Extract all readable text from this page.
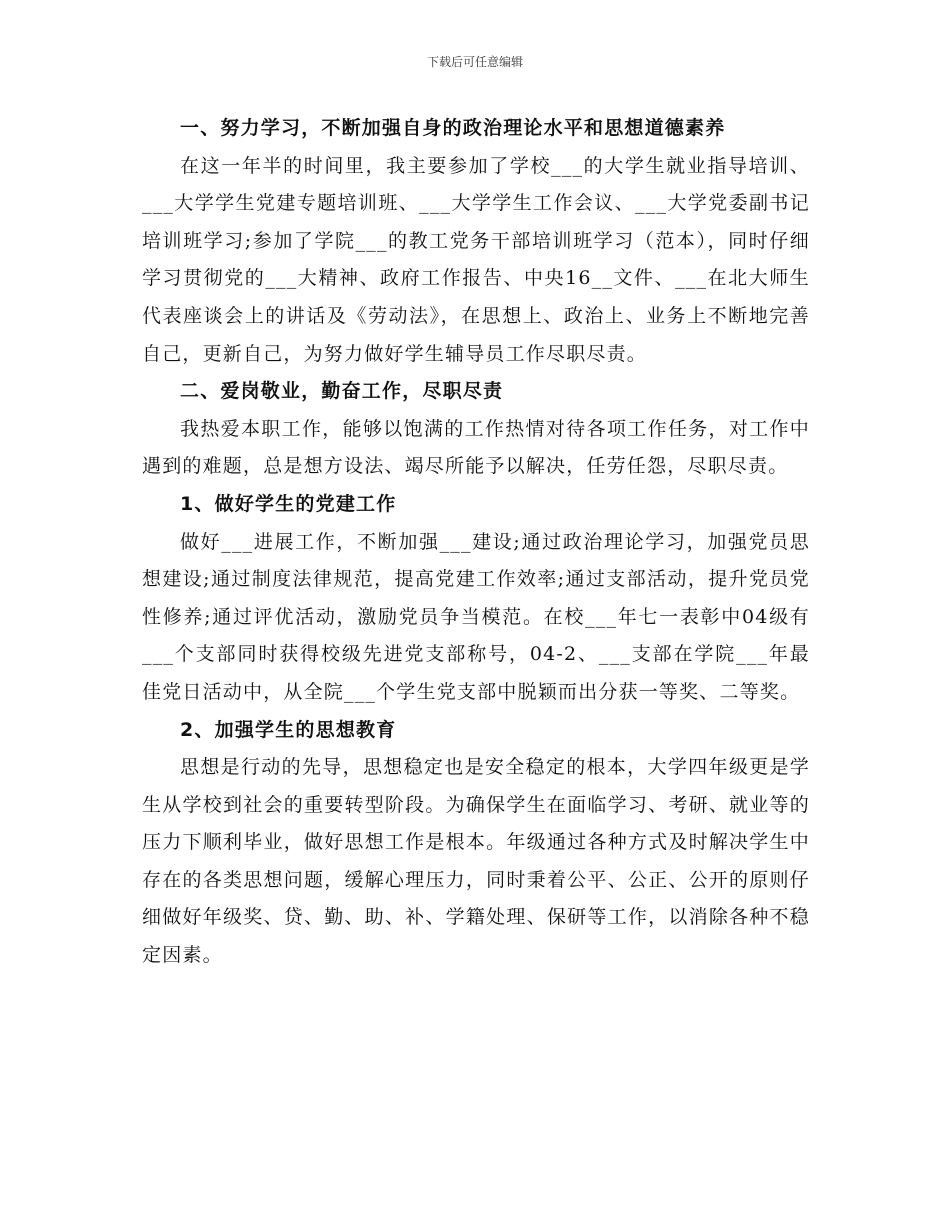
下载后可任意编辑

一、努力学习，不断加强自身的政治理论水平和思想道德素养

在这一年半的时间里，我主要参加了学校___的大学生就业指导培训、___大学学生党建专题培训班、___大学学生工作会议、___大学党委副书记培训班学习;参加了学院___的教工党务干部培训班学习（范本），同时仔细学习贯彻党的___大精神、政府工作报告、中央16__文件、___在北大师生代表座谈会上的讲话及《劳动法》，在思想上、政治上、业务上不断地完善自己，更新自己，为努力做好学生辅导员工作尽职尽责。

二、爱岗敬业，勤奋工作，尽职尽责

我热爱本职工作，能够以饱满的工作热情对待各项工作任务，对工作中遇到的难题，总是想方设法、竭尽所能予以解决，任劳任怨，尽职尽责。

1、做好学生的党建工作

做好___进展工作，不断加强___建设;通过政治理论学习，加强党员思想建设;通过制度法律规范，提高党建工作效率;通过支部活动，提升党员党性修养;通过评优活动，激励党员争当模范。在校___年七一表彰中04级有___个支部同时获得校级先进党支部称号，04-2、___支部在学院___年最佳党日活动中，从全院___个学生党支部中脱颖而出分获一等奖、二等奖。

2、加强学生的思想教育

思想是行动的先导，思想稳定也是安全稳定的根本，大学四年级更是学生从学校到社会的重要转型阶段。为确保学生在面临学习、考研、就业等的压力下顺利毕业，做好思想工作是根本。年级通过各种方式及时解决学生中存在的各类思想问题，缓解心理压力，同时秉着公平、公正、公开的原则仔细做好年级奖、贷、勤、助、补、学籍处理、保研等工作，以消除各种不稳定因素。
